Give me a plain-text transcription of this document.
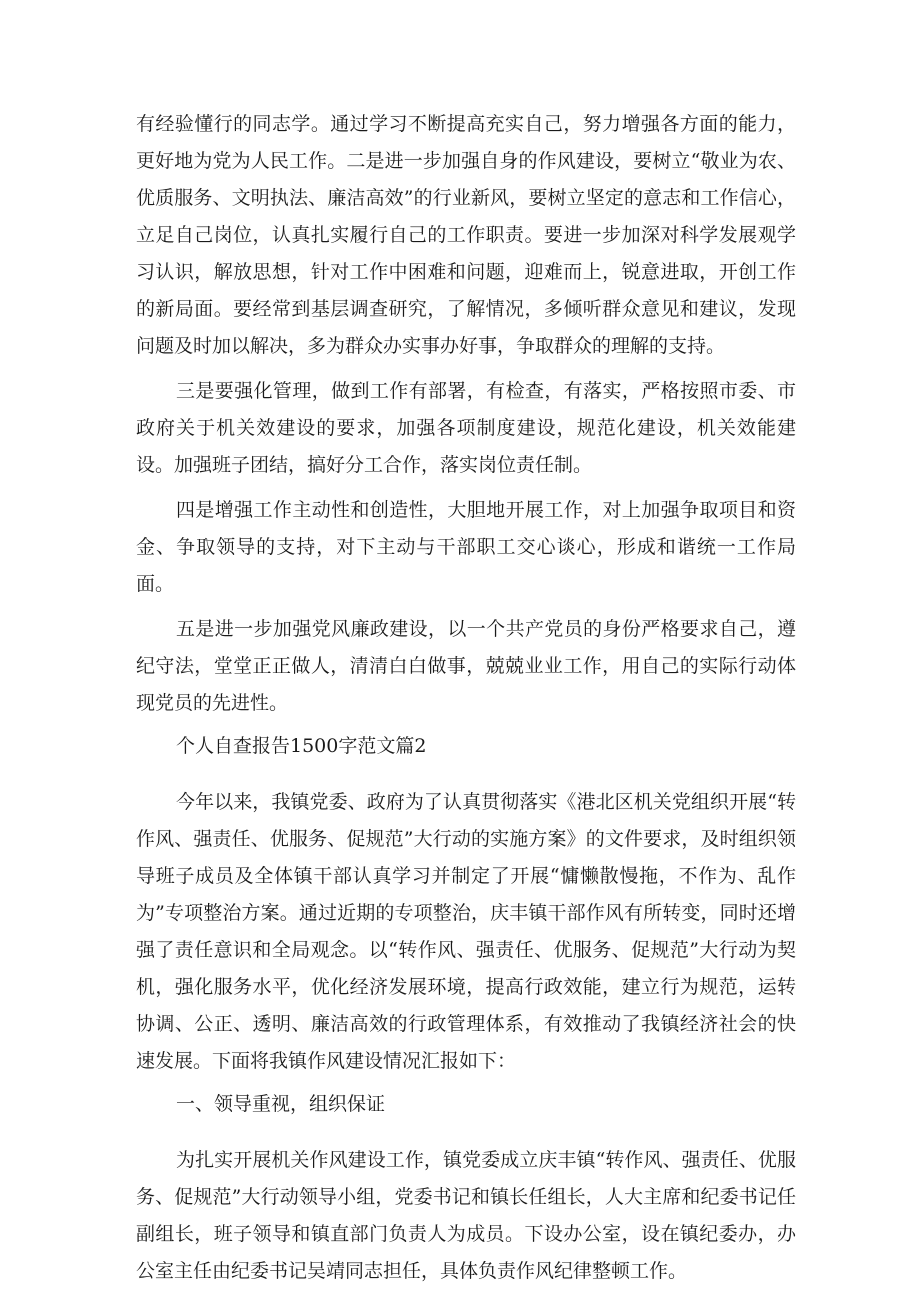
有经验懂行的同志学。通过学习不断提高充实自己，努力增强各方面的能力，更好地为党为人民工作。二是进一步加强自身的作风建设，要树立“敬业为农、优质服务、文明执法、廉洁高效”的行业新风，要树立坚定的意志和工作信心，立足自己岗位，认真扎实履行自己的工作职责。要进一步加深对科学发展观学习认识，解放思想，针对工作中困难和问题，迎难而上，锐意进取，开创工作的新局面。要经常到基层调查研究，了解情况，多倾听群众意见和建议，发现问题及时加以解决，多为群众办实事办好事，争取群众的理解的支持。

三是要强化管理，做到工作有部署，有检查，有落实，严格按照市委、市政府关于机关效建设的要求，加强各项制度建设，规范化建设，机关效能建设。加强班子团结，搞好分工合作，落实岗位责任制。

四是增强工作主动性和创造性，大胆地开展工作，对上加强争取项目和资金、争取领导的支持，对下主动与干部职工交心谈心，形成和谐统一工作局面。

五是进一步加强党风廉政建设，以一个共产党员的身份严格要求自己，遵纪守法，堂堂正正做人，清清白白做事，兢兢业业工作，用自己的实际行动体现党员的先进性。

个人自查报告1500字范文篇2

今年以来，我镇党委、政府为了认真贯彻落实《港北区机关党组织开展“转作风、强责任、优服务、促规范”大行动的实施方案》的文件要求，及时组织领导班子成员及全体镇干部认真学习并制定了开展“慵懒散慢拖，不作为、乱作为”专项整治方案。通过近期的专项整治，庆丰镇干部作风有所转变，同时还增强了责任意识和全局观念。以“转作风、强责任、优服务、促规范”大行动为契机，强化服务水平，优化经济发展环境，提高行政效能，建立行为规范，运转协调、公正、透明、廉洁高效的行政管理体系，有效推动了我镇经济社会的快速发展。下面将我镇作风建设情况汇报如下：

一、领导重视，组织保证

为扎实开展机关作风建设工作，镇党委成立庆丰镇“转作风、强责任、优服务、促规范”大行动领导小组，党委书记和镇长任组长，人大主席和纪委书记任副组长，班子领导和镇直部门负责人为成员。下设办公室，设在镇纪委办，办公室主任由纪委书记吴靖同志担任，具体负责作风纪律整顿工作。
